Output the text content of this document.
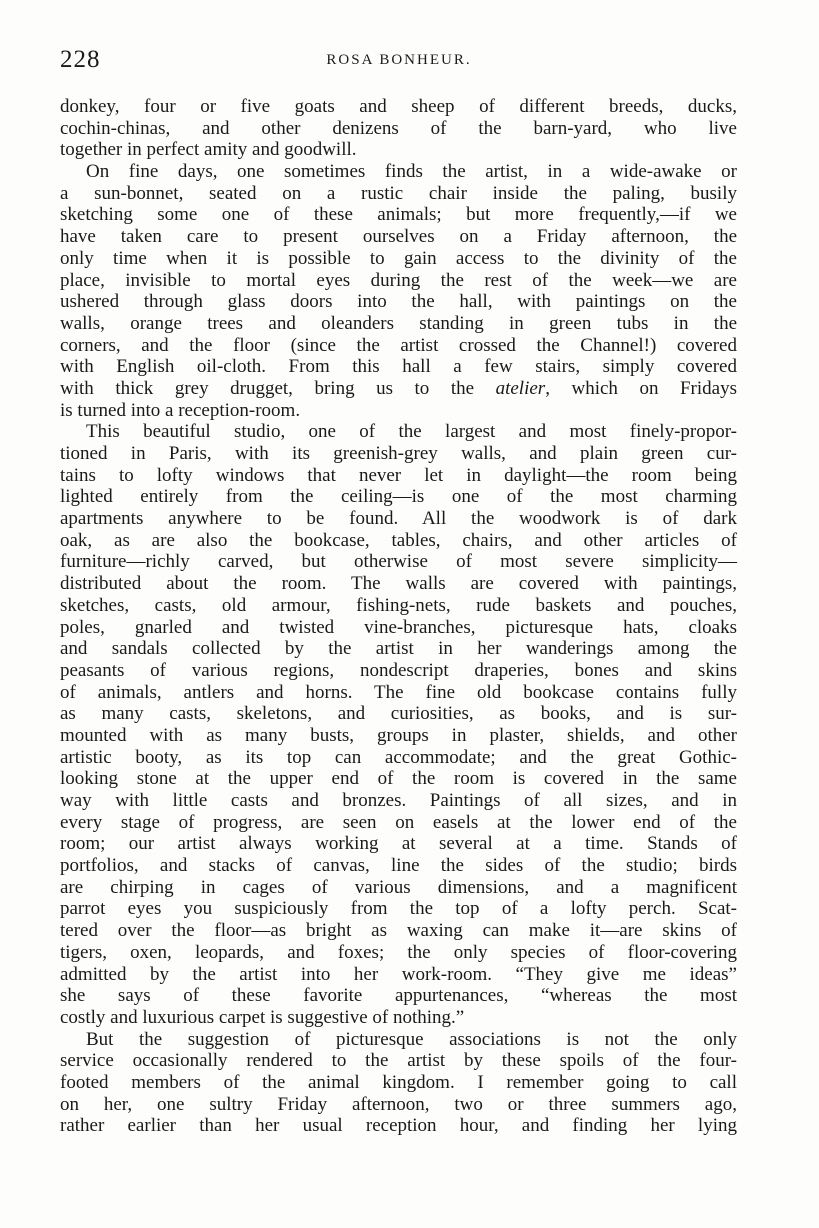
228	ROSA BONHEUR.
donkey, four or five goats and sheep of different breeds, ducks,
cochin-chinas, and other denizens of the barn-yard, who live
together in perfect amity and goodwill.
On fine days, one sometimes finds the artist, in a wide-awake or
a sun-bonnet, seated on a rustic chair inside the paling, busily
sketching some one of these animals; but more frequently,—if we
have taken care to present ourselves on a Friday afternoon, the
only time when it is possible to gain access to the divinity of the
place, invisible to mortal eyes during the rest of the week—we are
ushered through glass doors into the hall, with paintings on the
walls, orange trees and oleanders standing in green tubs in the
corners, and the floor (since the artist crossed the Channel!) covered
with English oil-cloth. From this hall a few stairs, simply covered
with thick grey drugget, bring us to the atelier, which on Fridays
is turned into a reception-room.
This beautiful studio, one of the largest and most finely-propor-
tioned in Paris, with its greenish-grey walls, and plain green cur-
tains to lofty windows that never let in daylight—the room being
lighted entirely from the ceiling—is one of the most charming
apartments anywhere to be found. All the woodwork is of dark
oak, as are also the bookcase, tables, chairs, and other articles of
furniture—richly carved, but otherwise of most severe simplicity—
distributed about the room. The walls are covered with paintings,
sketches, casts, old armour, fishing-nets, rude baskets and pouches,
poles, gnarled and twisted vine-branches, picturesque hats, cloaks
and sandals collected by the artist in her wanderings among the
peasants of various regions, nondescript draperies, bones and skins
of animals, antlers and horns. The fine old bookcase contains fully
as many casts, skeletons, and curiosities, as books, and is sur-
mounted with as many busts, groups in plaster, shields, and other
artistic booty, as its top can accommodate; and the great Gothic-
looking stone at the upper end of the room is covered in the same
way with little casts and bronzes. Paintings of all sizes, and in
every stage of progress, are seen on easels at the lower end of the
room; our artist always working at several at a time. Stands of
portfolios, and stacks of canvas, line the sides of the studio; birds
are chirping in cages of various dimensions, and a magnificent
parrot eyes you suspiciously from the top of a lofty perch. Scat-
tered over the floor—as bright as waxing can make it—are skins of
tigers, oxen, leopards, and foxes; the only species of floor-covering
admitted by the artist into her work-room. “They give me ideas”
she says of these favorite appurtenances, “whereas the most
costly and luxurious carpet is suggestive of nothing.”
But the suggestion of picturesque associations is not the only
service occasionally rendered to the artist by these spoils of the four-
footed members of the animal kingdom. I remember going to call
on her, one sultry Friday afternoon, two or three summers ago,
rather earlier than her usual reception hour, and finding her lying
